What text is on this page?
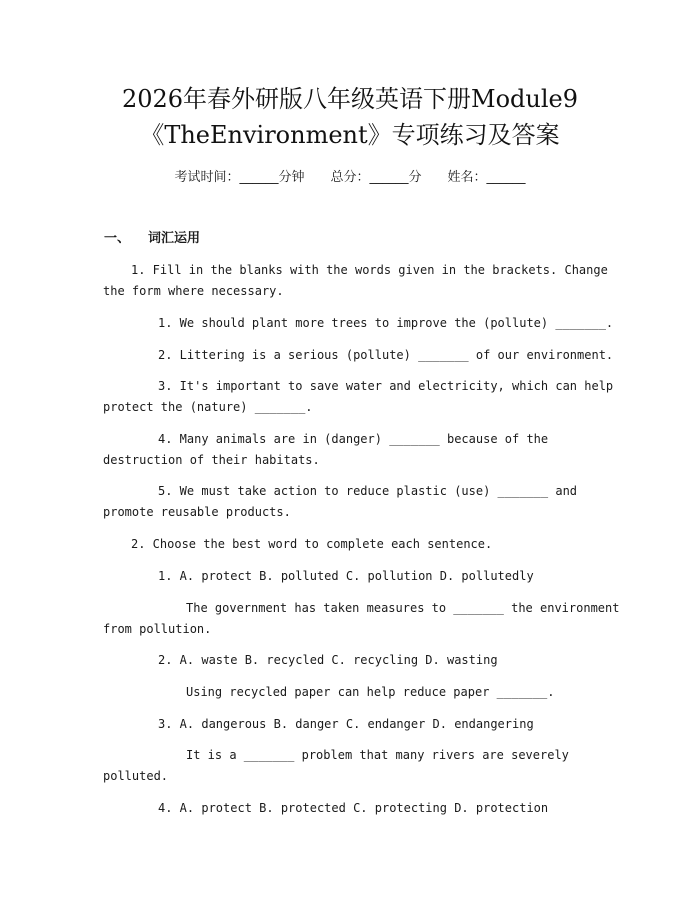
2026年春外研版八年级英语下册Module9
《TheEnvironment》专项练习及答案
考试时间：______分钟 总分：______分 姓名：______
一、 词汇运用
1. Fill in the blanks with the words given in the brackets. Change
the form where necessary.
1. We should plant more trees to improve the (pollute) _______.
2. Littering is a serious (pollute) _______ of our environment.
3. It's important to save water and electricity, which can help
protect the (nature) _______.
4. Many animals are in (danger) _______ because of the
destruction of their habitats.
5. We must take action to reduce plastic (use) _______ and
promote reusable products.
2. Choose the best word to complete each sentence.
1. A. protect B. polluted C. pollution D. pollutedly
The government has taken measures to _______ the environment
from pollution.
2. A. waste B. recycled C. recycling D. wasting
Using recycled paper can help reduce paper _______.
3. A. dangerous B. danger C. endanger D. endangering
It is a _______ problem that many rivers are severely
polluted.
4. A. protect B. protected C. protecting D. protection
